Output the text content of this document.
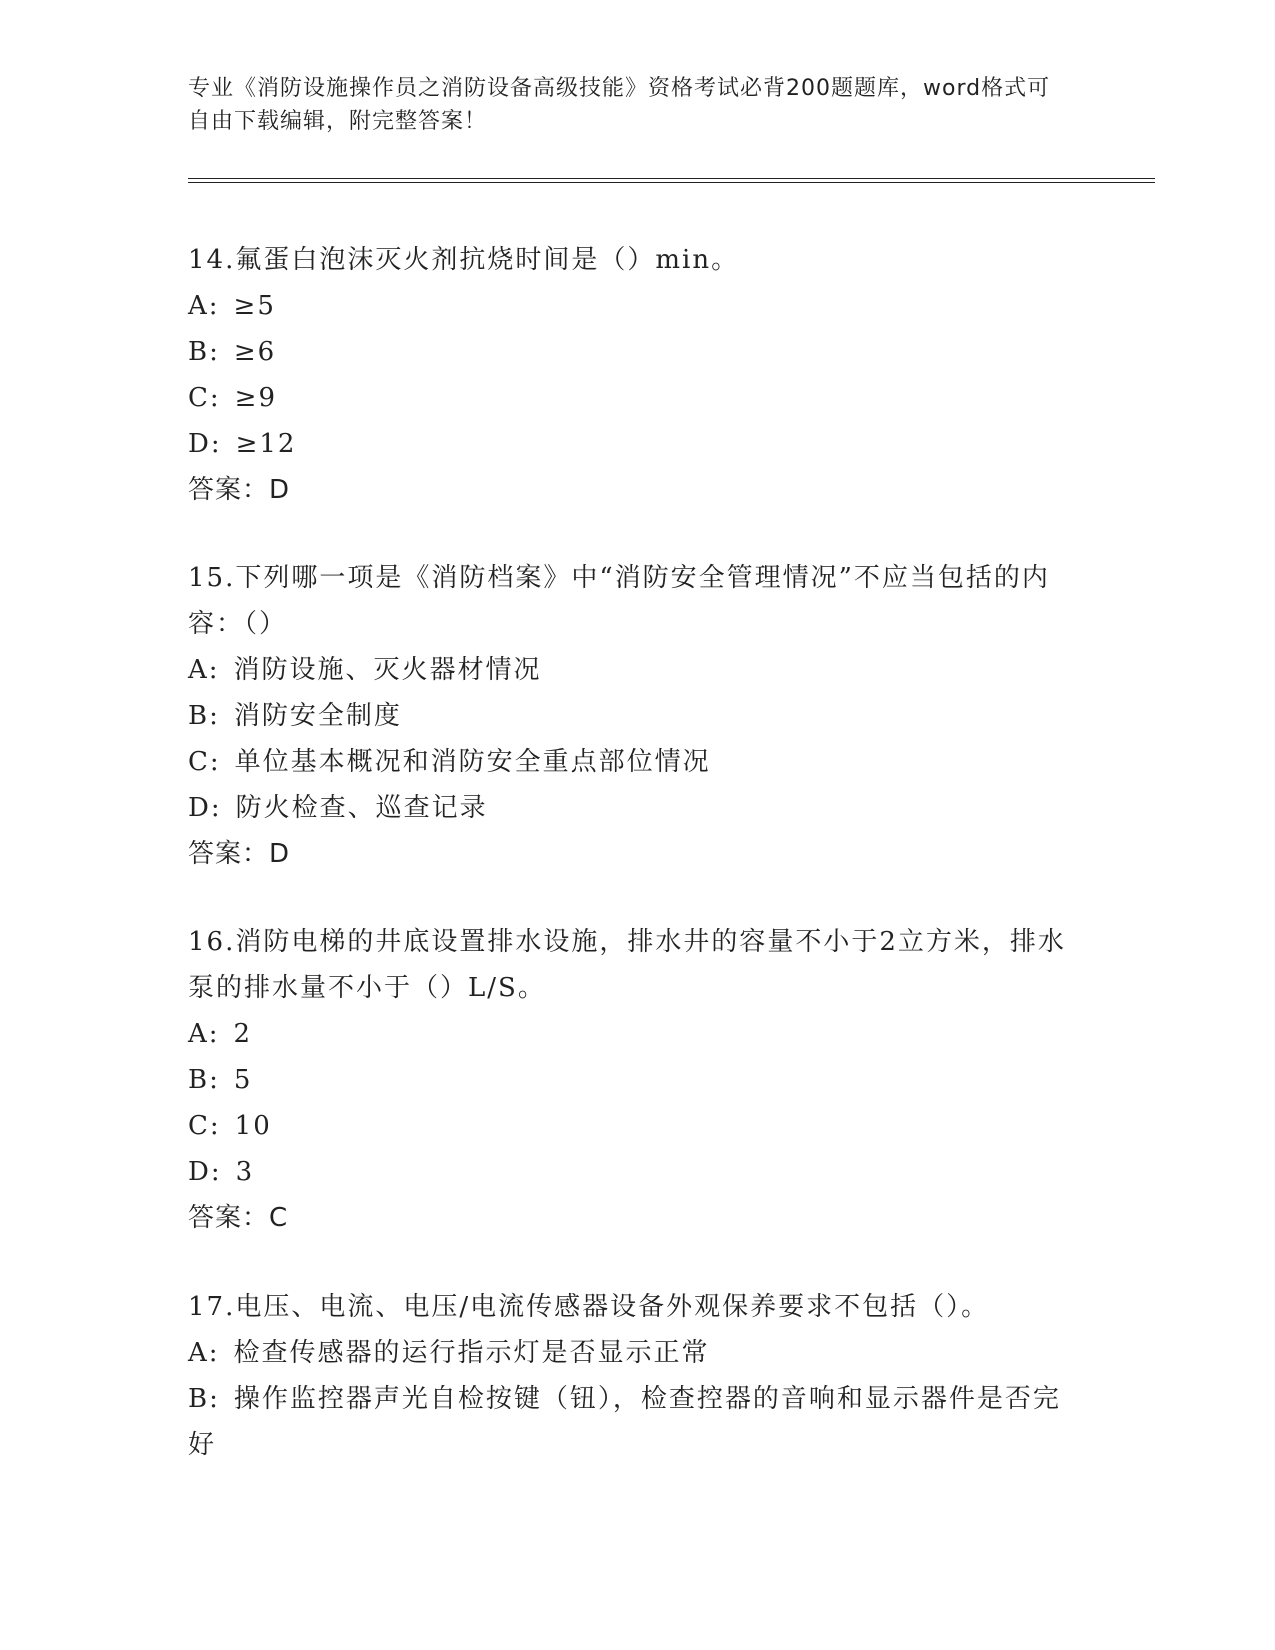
专业《消防设施操作员之消防设备高级技能》资格考试必背200题题库，word格式可自由下载编辑，附完整答案！

14.氟蛋白泡沫灭火剂抗烧时间是（）min。

A: ≥5

B: ≥6

C: ≥9

D: ≥12

答案：D

15.下列哪一项是《消防档案》中“消防安全管理情况”不应当包括的内容：（）

A: 消防设施、灭火器材情况

B: 消防安全制度

C: 单位基本概况和消防安全重点部位情况

D: 防火检查、巡查记录

答案：D

16.消防电梯的井底设置排水设施，排水井的容量不小于2立方米，排水泵的排水量不小于（）L/S。

A: 2

B: 5

C: 10

D: 3

答案：C

17.电压、电流、电压/电流传感器设备外观保养要求不包括（）。

A: 检查传感器的运行指示灯是否显示正常

B: 操作监控器声光自检按键（钮），检查控器的音响和显示器件是否完好
